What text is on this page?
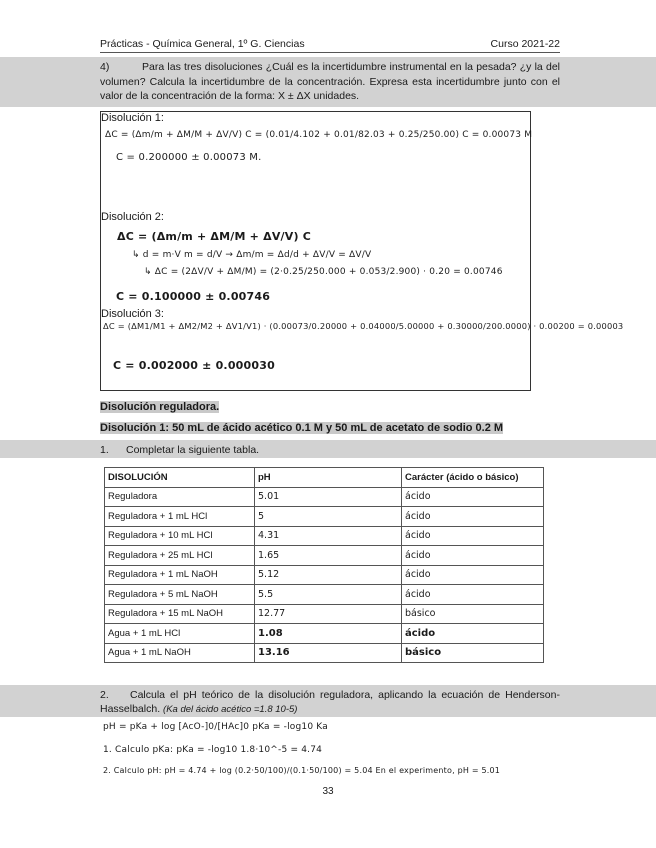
Prácticas - Química General, 1º G. Ciencias	Curso 2021-22
4)	Para las tres disoluciones ¿Cuál es la incertidumbre instrumental en la pesada? ¿y la del volumen? Calcula la incertidumbre de la concentración. Expresa esta incertidumbre junto con el valor de la concentración de la forma: X ± ΔX unidades.
Disolución 1:
ΔC = (Δm/m + ΔM/M + ΔV/V) C = (0.01/4.102 + 0.01/82.03 + 0.25/250.00) C = 0.00073 M
C = 0.200000 ± 0.00073 M.
Disolución 2:
ΔC = (Δm/m + ΔM/M + ΔV/V) C
↳ d = m·V m = d/V → Δm/m = Δd/d + ΔV/V = ΔV/V
↳ ΔC = (2ΔV/V + ΔM/M) = (2·0.25/250.000 + 0.053/2.900) · 0.20 = 0.00746
C = 0.100000 ± 0.00746
Disolución 3:
ΔC = (ΔM1/M1 + ΔM2/M2 + ΔV1/V1) · (0.00073/0.20000 + 0.04000/5.00000 + 0.30000/200.0000) · 0.00200 = 0.00003
C = 0.002000 ± 0.000030
Disolución reguladora.
Disolución 1: 50 mL de ácido acético 0.1 M y 50 mL de acetato de sodio 0.2 M
1. Completar la siguiente tabla.
DISOLUCIÓN	pH	Carácter (ácido o básico)
Reguladora	5.01	ácido
Reguladora + 1 mL HCl	5	ácido
Reguladora + 10 mL HCl	4.31	ácido
Reguladora + 25 mL HCl	1.65	ácido
Reguladora + 1 mL NaOH	5.12	ácido
Reguladora + 5 mL NaOH	5.5	ácido
Reguladora + 15 mL NaOH	12.77	básico
Agua + 1 mL HCl	1.08	ácido
Agua + 1 mL NaOH	13.16	básico
2. Calcula el pH teórico de la disolución reguladora, aplicando la ecuación de Henderson-Hasselbalch. (Ka del ácido acético =1.8 10-5)
pH = pKa + log [AcO-]0/[HAc]0 pKa = -log10 Ka
1. Calculo pKa: pKa = -log10 1.8·10^-5 = 4.74
2. Calculo pH: pH = 4.74 + log (0.2·50/100)/(0.1·50/100) = 5.04 En el experimento, pH = 5.01
33
